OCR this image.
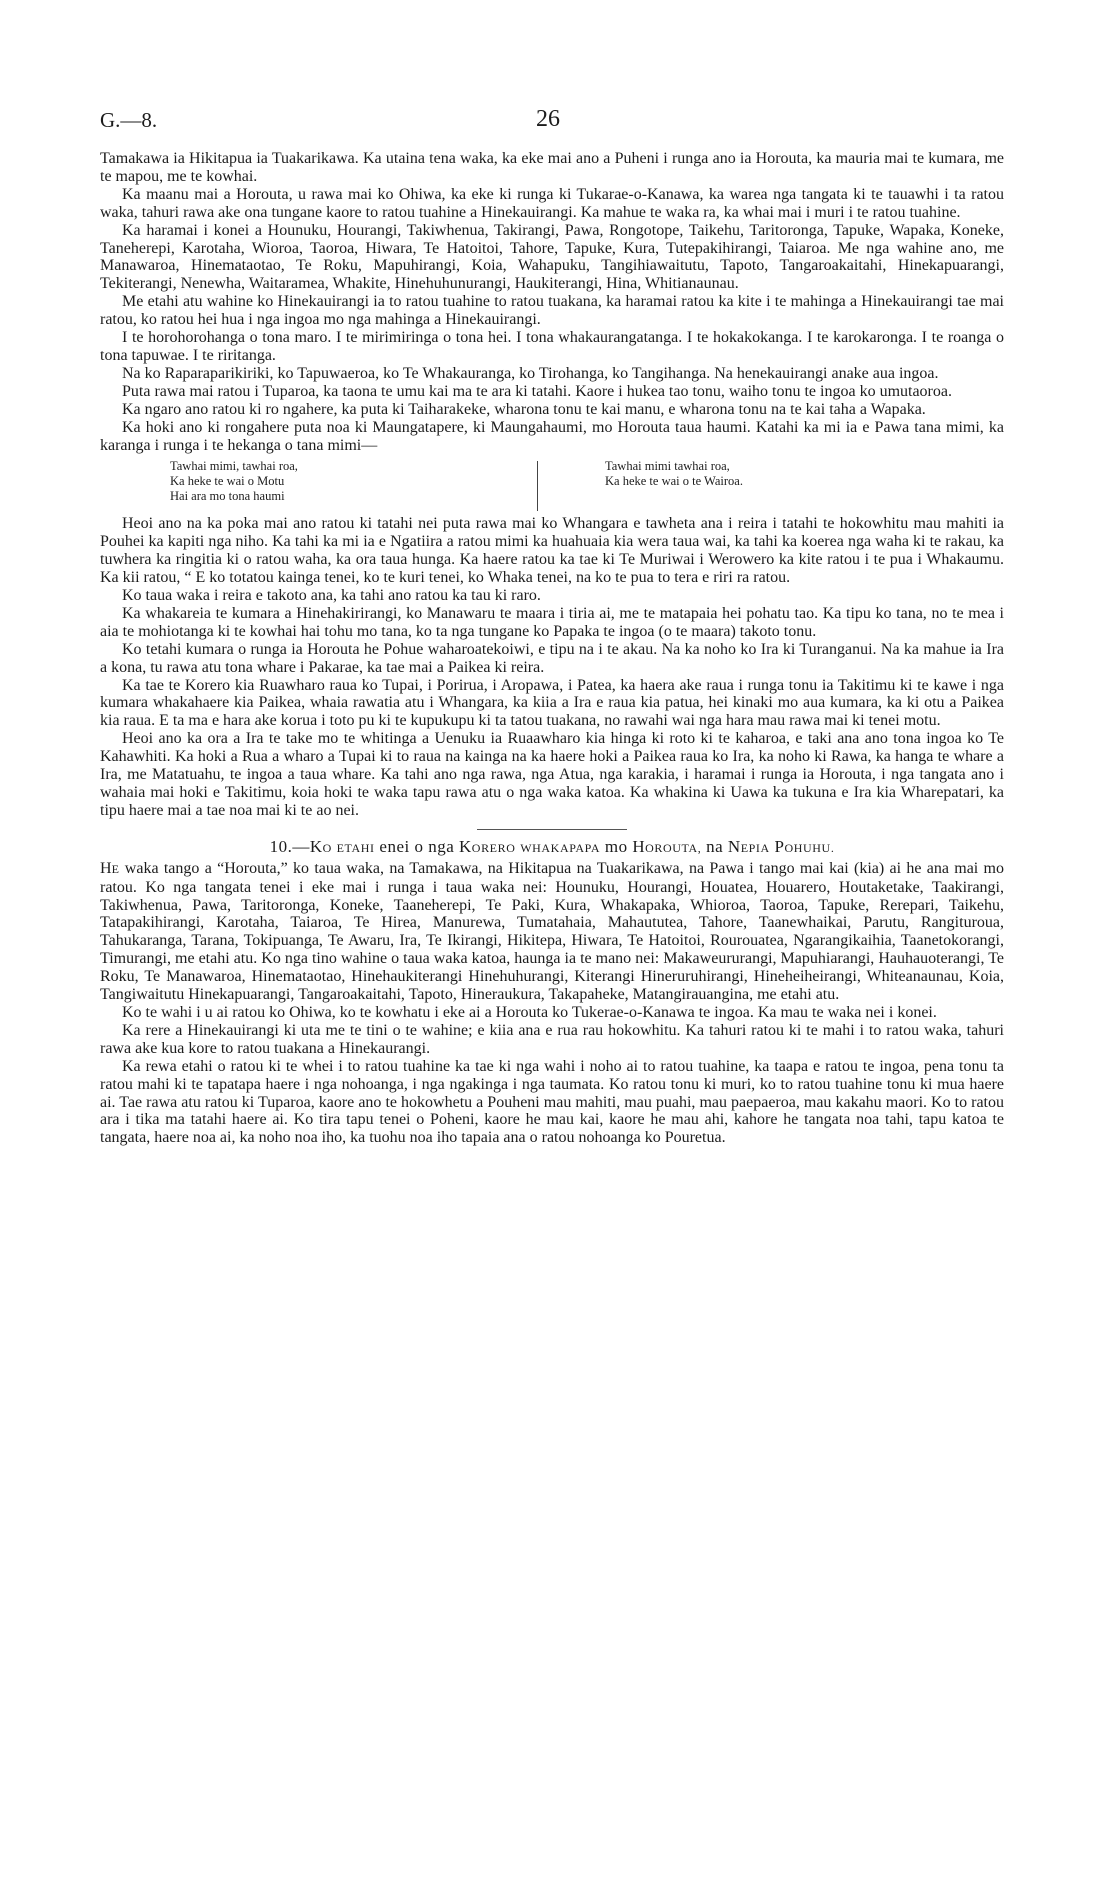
G.—8.	26

Tamakawa ia Hikitapua ia Tuakarikawa. Ka utaina tena waka, ka eke mai ano a Puheni i runga ano ia Horouta, ka mauria mai te kumara, me te mapou, me te kowhai.

Ka maanu mai a Horouta, u rawa mai ko Ohiwa, ka eke ki runga ki Tukarae-o-Kanawa, ka warea nga tangata ki te tauawhi i ta ratou waka, tahuri rawa ake ona tungane kaore to ratou tuahine a Hinekauirangi. Ka mahue te waka ra, ka whai mai i muri i te ratou tuahine.

Ka haramai i konei a Hounuku, Hourangi, Takiwhenua, Takirangi, Pawa, Rongotope, Taikehu, Taritoronga, Tapuke, Wapaka, Koneke, Taneherepi, Karotaha, Wioroa, Taoroa, Hiwara, Te Hatoitoi, Tahore, Tapuke, Kura, Tutepakihirangi, Taiaroa. Me nga wahine ano, me Manawaroa, Hinemataotao, Te Roku, Mapuhirangi, Koia, Wahapuku, Tangihiawaitutu, Tapoto, Tangaroakaitahi, Hinekapuarangi, Tekiterangi, Nenewha, Waitaramea, Whakite, Hinehuhunurangi, Haukiterangi, Hina, Whitianaunau.

Me etahi atu wahine ko Hinekauirangi ia to ratou tuahine to ratou tuakana, ka haramai ratou ka kite i te mahinga a Hinekauirangi tae mai ratou, ko ratou hei hua i nga ingoa mo nga mahinga a Hinekauirangi.

I te horohorohanga o tona maro. I te mirimiringa o tona hei. I tona whakaurangatanga. I te hokakokanga. I te karokaronga. I te roanga o tona tapuwae. I te riritanga.

Na ko Raparaparikiriki, ko Tapuwaeroa, ko Te Whakauranga, ko Tirohanga, ko Tangihanga. Na henekauirangi anake aua ingoa.

Puta rawa mai ratou i Tuparoa, ka taona te umu kai ma te ara ki tatahi. Kaore i hukea tao tonu, waiho tonu te ingoa ko umutaoroa.

Ka ngaro ano ratou ki ro ngahere, ka puta ki Taiharakeke, wharona tonu te kai manu, e wharona tonu na te kai taha a Wapaka.

Ka hoki ano ki rongahere puta noa ki Maungatapere, ki Maungahaumi, mo Horouta taua haumi. Katahi ka mi ia e Pawa tana mimi, ka karanga i runga i te hekanga o tana mimi—

Tawhai mimi, tawhai roa,
Ka heke te wai o Motu
Hai ara mo tona haumi
Tawhai mimi tawhai roa,
Ka heke te wai o te Wairoa.

Heoi ano na ka poka mai ano ratou ki tatahi nei puta rawa mai ko Whangara e tawheta ana i reira i tatahi te hokowhitu mau mahiti ia Pouhei ka kapiti nga niho. Ka tahi ka mi ia e Ngatiira a ratou mimi ka huahuaia kia wera taua wai, ka tahi ka koerea nga waha ki te rakau, ka tuwhera ka ringitia ki o ratou waha, ka ora taua hunga. Ka haere ratou ka tae ki Te Muriwai i Werowero ka kite ratou i te pua i Whakaumu. Ka kii ratou, “ E ko totatou kainga tenei, ko te kuri tenei, ko Whaka tenei, na ko te pua to tera e riri ra ratou.

Ko taua waka i reira e takoto ana, ka tahi ano ratou ka tau ki raro.

Ka whakareia te kumara a Hinehakirirangi, ko Manawaru te maara i tiria ai, me te matapaia hei pohatu tao. Ka tipu ko tana, no te mea i aia te mohiotanga ki te kowhai hai tohu mo tana, ko ta nga tungane ko Papaka te ingoa (o te maara) takoto tonu.

Ko tetahi kumara o runga ia Horouta he Pohue waharoatekoiwi, e tipu na i te akau. Na ka noho ko Ira ki Turanganui. Na ka mahue ia Ira a kona, tu rawa atu tona whare i Pakarae, ka tae mai a Paikea ki reira.

Ka tae te Korero kia Ruawharo raua ko Tupai, i Porirua, i Aropawa, i Patea, ka haera ake raua i runga tonu ia Takitimu ki te kawe i nga kumara whakahaere kia Paikea, whaia rawatia atu i Whangara, ka kiia a Ira e raua kia patua, hei kinaki mo aua kumara, ka ki otu a Paikea kia raua. E ta ma e hara ake korua i toto pu ki te kupukupu ki ta tatou tuakana, no rawahi wai nga hara mau rawa mai ki tenei motu.

Heoi ano ka ora a Ira te take mo te whitinga a Uenuku ia Ruaawharo kia hinga ki roto ki te kaharoa, e taki ana ano tona ingoa ko Te Kahawhiti. Ka hoki a Rua a wharo a Tupai ki to raua na kainga na ka haere hoki a Paikea raua ko Ira, ka noho ki Rawa, ka hanga te whare a Ira, me Matatuahu, te ingoa a taua whare. Ka tahi ano nga rawa, nga Atua, nga karakia, i haramai i runga ia Horouta, i nga tangata ano i wahaia mai hoki e Takitimu, koia hoki te waka tapu rawa atu o nga waka katoa. Ka whakina ki Uawa ka tukuna e Ira kia Wharepatari, ka tipu haere mai a tae noa mai ki te ao nei.

10.—KO ETAHI enei o nga KORERO WHAKAPAPA mo HOROUTA, na NEPIA POHUHU.

HE waka tango a “Horouta,” ko taua waka, na Tamakawa, na Hikitapua na Tuakarikawa, na Pawa i tango mai kai (kia) ai he ana mai mo ratou. Ko nga tangata tenei i eke mai i runga i taua waka nei: Hounuku, Hourangi, Houatea, Houarero, Houtaketake, Taakirangi, Takiwhenua, Pawa, Taritoronga, Koneke, Taaneherepi, Te Paki, Kura, Whakapaka, Whioroa, Taoroa, Tapuke, Rerepari, Taikehu, Tatapakihirangi, Karotaha, Taiaroa, Te Hirea, Manurewa, Tumatahaia, Mahaututea, Tahore, Taanewhaikai, Parutu, Rangituroua, Tahukaranga, Tarana, Tokipuanga, Te Awaru, Ira, Te Ikirangi, Hikitepa, Hiwara, Te Hatoitoi, Rourouatea, Ngarangikaihia, Taanetokorangi, Timurangi, me etahi atu. Ko nga tino wahine o taua waka katoa, haunga ia te mano nei: Makaweururangi, Mapuhiarangi, Hauhauoterangi, Te Roku, Te Manawaroa, Hinemataotao, Hinehaukiterangi Hinehuhurangi, Kiterangi Hineruruhirangi, Hineheiheirangi, Whiteanaunau, Koia, Tangiwaitutu Hinekapuarangi, Tangaroakaitahi, Tapoto, Hineraukura, Takapaheke, Matangirauangina, me etahi atu.

Ko te wahi i u ai ratou ko Ohiwa, ko te kowhatu i eke ai a Horouta ko Tukerae-o-Kanawa te ingoa. Ka mau te waka nei i konei.

Ka rere a Hinekauirangi ki uta me te tini o te wahine; e kiia ana e rua rau hokowhitu. Ka tahuri ratou ki te mahi i to ratou waka, tahuri rawa ake kua kore to ratou tuakana a Hinekaurangi.

Ka rewa etahi o ratou ki te whei i to ratou tuahine ka tae ki nga wahi i noho ai to ratou tuahine, ka taapa e ratou te ingoa, pena tonu ta ratou mahi ki te tapatapa haere i nga nohoanga, i nga ngakinga i nga taumata. Ko ratou tonu ki muri, ko to ratou tuahine tonu ki mua haere ai. Tae rawa atu ratou ki Tuparoa, kaore ano te hokowhetu a Pouheni mau mahiti, mau puahi, mau paepaeroa, mau kakahu maori. Ko to ratou ara i tika ma tatahi haere ai. Ko tira tapu tenei o Poheni, kaore he mau kai, kaore he mau ahi, kahore he tangata noa tahi, tapu katoa te tangata, haere noa ai, ka noho noa iho, ka tuohu noa iho tapaia ana o ratou nohoanga ko Pouretua.
